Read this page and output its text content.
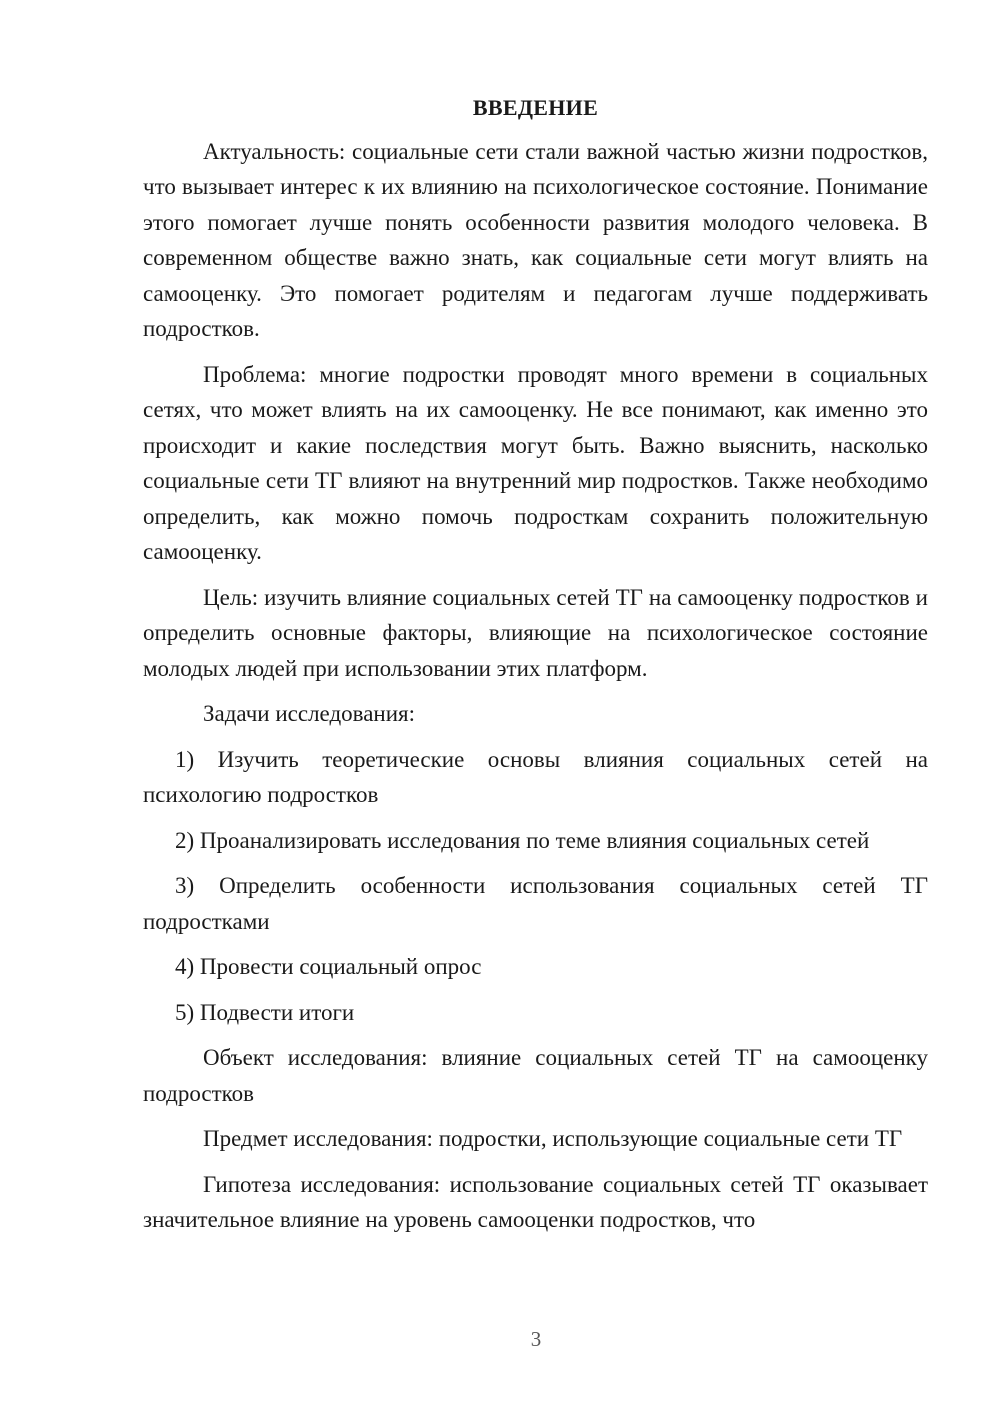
ВВЕДЕНИЕ

Актуальность: социальные сети стали важной частью жизни подростков, что вызывает интерес к их влиянию на психологическое состояние. Понимание этого помогает лучше понять особенности развития молодого человека. В современном обществе важно знать, как социальные сети могут влиять на самооценку. Это помогает родителям и педагогам лучше поддерживать подростков.

Проблема: многие подростки проводят много времени в социальных сетях, что может влиять на их самооценку. Не все понимают, как именно это происходит и какие последствия могут быть. Важно выяснить, насколько социальные сети ТГ влияют на внутренний мир подростков. Также необходимо определить, как можно помочь подросткам сохранить положительную самооценку.

Цель: изучить влияние социальных сетей ТГ на самооценку подростков и определить основные факторы, влияющие на психологическое состояние молодых людей при использовании этих платформ.

Задачи исследования:

1) Изучить теоретические основы влияния социальных сетей на психологию подростков

2) Проанализировать исследования по теме влияния социальных сетей

3) Определить особенности использования социальных сетей ТГ подростками

4) Провести социальный опрос

5) Подвести итоги

Объект исследования: влияние социальных сетей ТГ на самооценку подростков

Предмет исследования: подростки, использующие социальные сети ТГ

Гипотеза исследования: использование социальных сетей ТГ оказывает значительное влияние на уровень самооценки подростков, что

3
